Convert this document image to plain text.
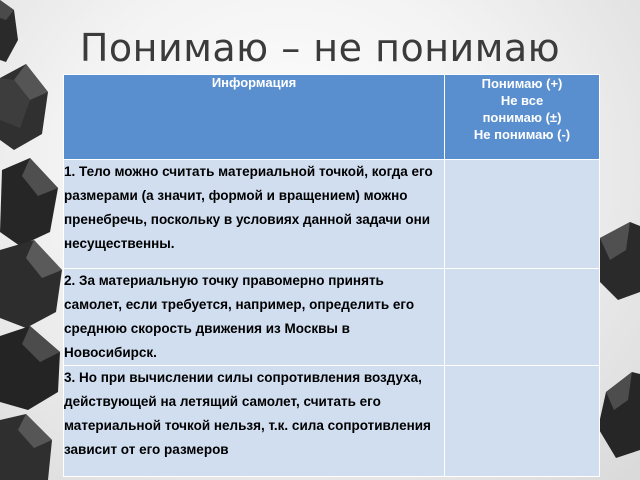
Понимаю – не понимаю
Информация	Понимаю (+)
Не все
понимаю (±)
Не понимаю (-)

1. Тело можно считать материальной точкой, когда его размерами (а значит, формой и вращением) можно пренебречь, поскольку в условиях данной задачи они несущественны.	
2. За материальную точку правомерно принять самолет, если требуется, например, определить его среднюю скорость движения из Москвы в Новосибирск.	
3. Но при вычислении силы сопротивления воздуха, действующей на летящий самолет, считать его материальной точкой нельзя, т.к. сила сопротивления зависит от его размеров	
